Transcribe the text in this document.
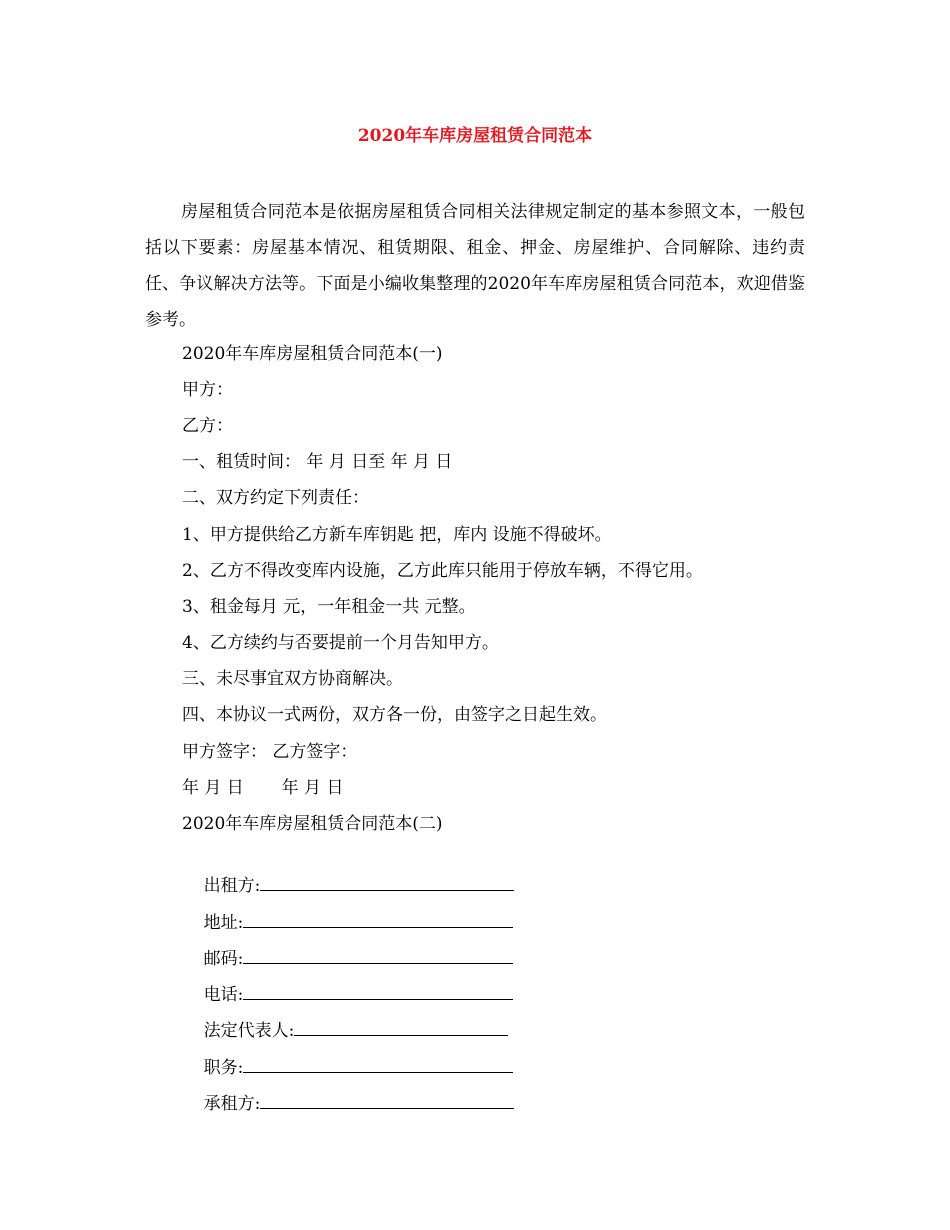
2020年车库房屋租赁合同范本

房屋租赁合同范本是依据房屋租赁合同相关法律规定制定的基本参照文本，一般包括以下要素：房屋基本情况、租赁期限、租金、押金、房屋维护、合同解除、违约责任、争议解决方法等。下面是小编收集整理的2020年车库房屋租赁合同范本，欢迎借鉴参考。

2020年车库房屋租赁合同范本(一)
甲方：
乙方：
一、租赁时间： 年 月 日至 年 月 日
二、双方约定下列责任：
1、甲方提供给乙方新车库钥匙 把，库内 设施不得破坏。
2、乙方不得改变库内设施，乙方此库只能用于停放车辆，不得它用。
3、租金每月 元，一年租金一共 元整。
4、乙方续约与否要提前一个月告知甲方。
三、未尽事宜双方协商解决。
四、本协议一式两份，双方各一份，由签字之日起生效。
甲方签字： 乙方签字：
年 月 日       年 月 日
2020年车库房屋租赁合同范本(二)

出租方:

地址:

邮码:

电话:

法定代表人:

职务:

承租方:
